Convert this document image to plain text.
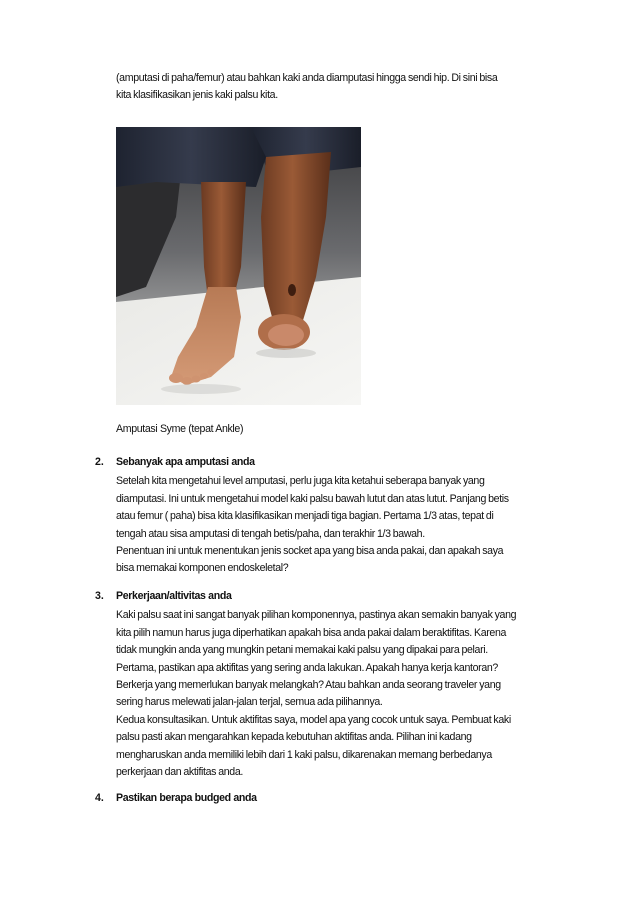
(amputasi di paha/femur) atau bahkan kaki anda diamputasi hingga sendi hip. Di sini bisa
kita klasifikasikan jenis kaki palsu kita.
Amputasi Syme (tepat Ankle)
2. Sebanyak apa amputasi anda
Setelah kita mengetahui level amputasi, perlu juga kita ketahui seberapa banyak yang
diamputasi. Ini untuk mengetahui model kaki palsu bawah lutut dan atas lutut. Panjang betis
atau femur ( paha) bisa kita klasifikasikan menjadi tiga bagian. Pertama 1/3 atas, tepat di
tengah atau sisa amputasi di tengah betis/paha, dan terakhir 1/3 bawah.
Penentuan ini untuk menentukan jenis socket apa yang bisa anda pakai, dan apakah saya
bisa memakai komponen endoskeletal?
3. Perkerjaan/altivitas anda
Kaki palsu saat ini sangat banyak pilihan komponennya, pastinya akan semakin banyak yang
kita pilih namun harus juga diperhatikan apakah bisa anda pakai dalam beraktifitas. Karena
tidak mungkin anda yang mungkin petani memakai kaki palsu yang dipakai para pelari.
Pertama, pastikan apa aktifitas yang sering anda lakukan. Apakah hanya kerja kantoran?
Berkerja yang memerlukan banyak melangkah? Atau bahkan anda seorang traveler yang
sering harus melewati jalan-jalan terjal, semua ada pilihannya.
Kedua konsultasikan. Untuk aktifitas saya, model apa yang cocok untuk saya. Pembuat kaki
palsu pasti akan mengarahkan kepada kebutuhan aktifitas anda. Pilihan ini kadang
mengharuskan anda memiliki lebih dari 1 kaki palsu, dikarenakan memang berbedanya
perkerjaan dan aktifitas anda.
4. Pastikan berapa budged anda
